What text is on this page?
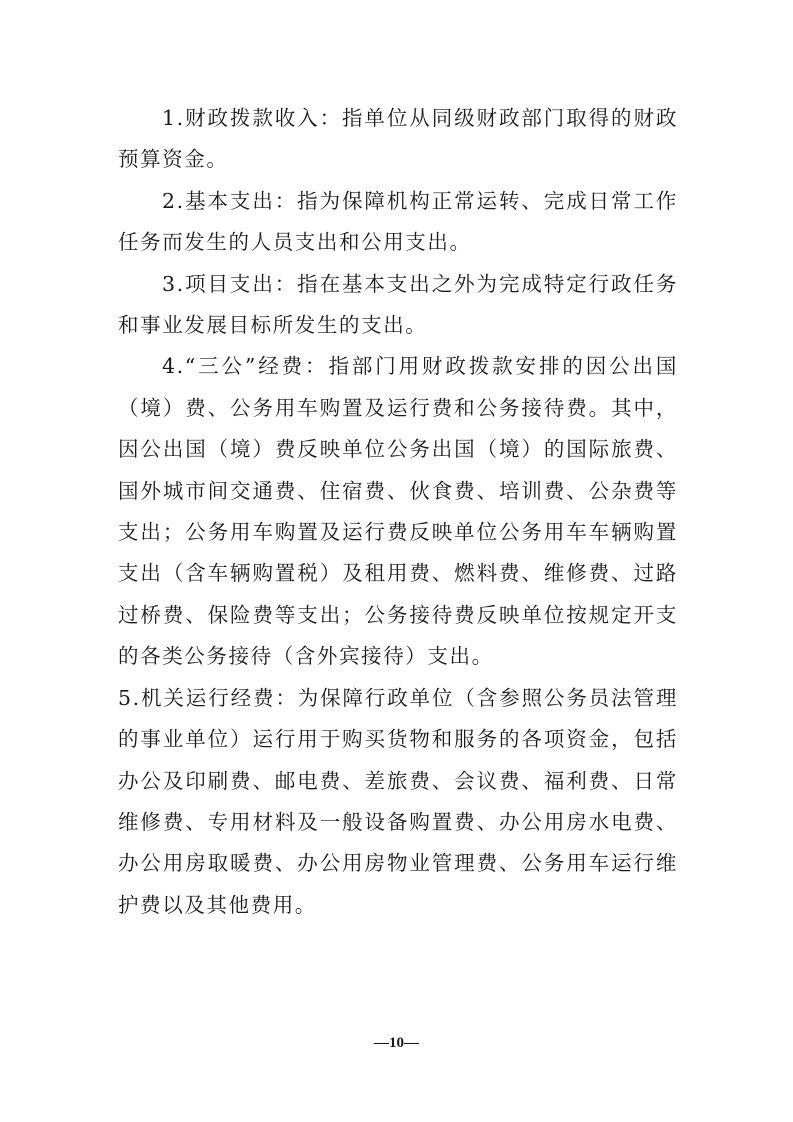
1.财政拨款收入：指单位从同级财政部门取得的财政预算资金。

2.基本支出：指为保障机构正常运转、完成日常工作任务而发生的人员支出和公用支出。

3.项目支出：指在基本支出之外为完成特定行政任务和事业发展目标所发生的支出。

4.“三公”经费：指部门用财政拨款安排的因公出国（境）费、公务用车购置及运行费和公务接待费。其中，因公出国（境）费反映单位公务出国（境）的国际旅费、国外城市间交通费、住宿费、伙食费、培训费、公杂费等支出；公务用车购置及运行费反映单位公务用车车辆购置支出（含车辆购置税）及租用费、燃料费、维修费、过路过桥费、保险费等支出；公务接待费反映单位按规定开支的各类公务接待（含外宾接待）支出。

5.机关运行经费：为保障行政单位（含参照公务员法管理的事业单位）运行用于购买货物和服务的各项资金，包括办公及印刷费、邮电费、差旅费、会议费、福利费、日常维修费、专用材料及一般设备购置费、办公用房水电费、办公用房取暖费、办公用房物业管理费、公务用车运行维护费以及其他费用。

—10—
